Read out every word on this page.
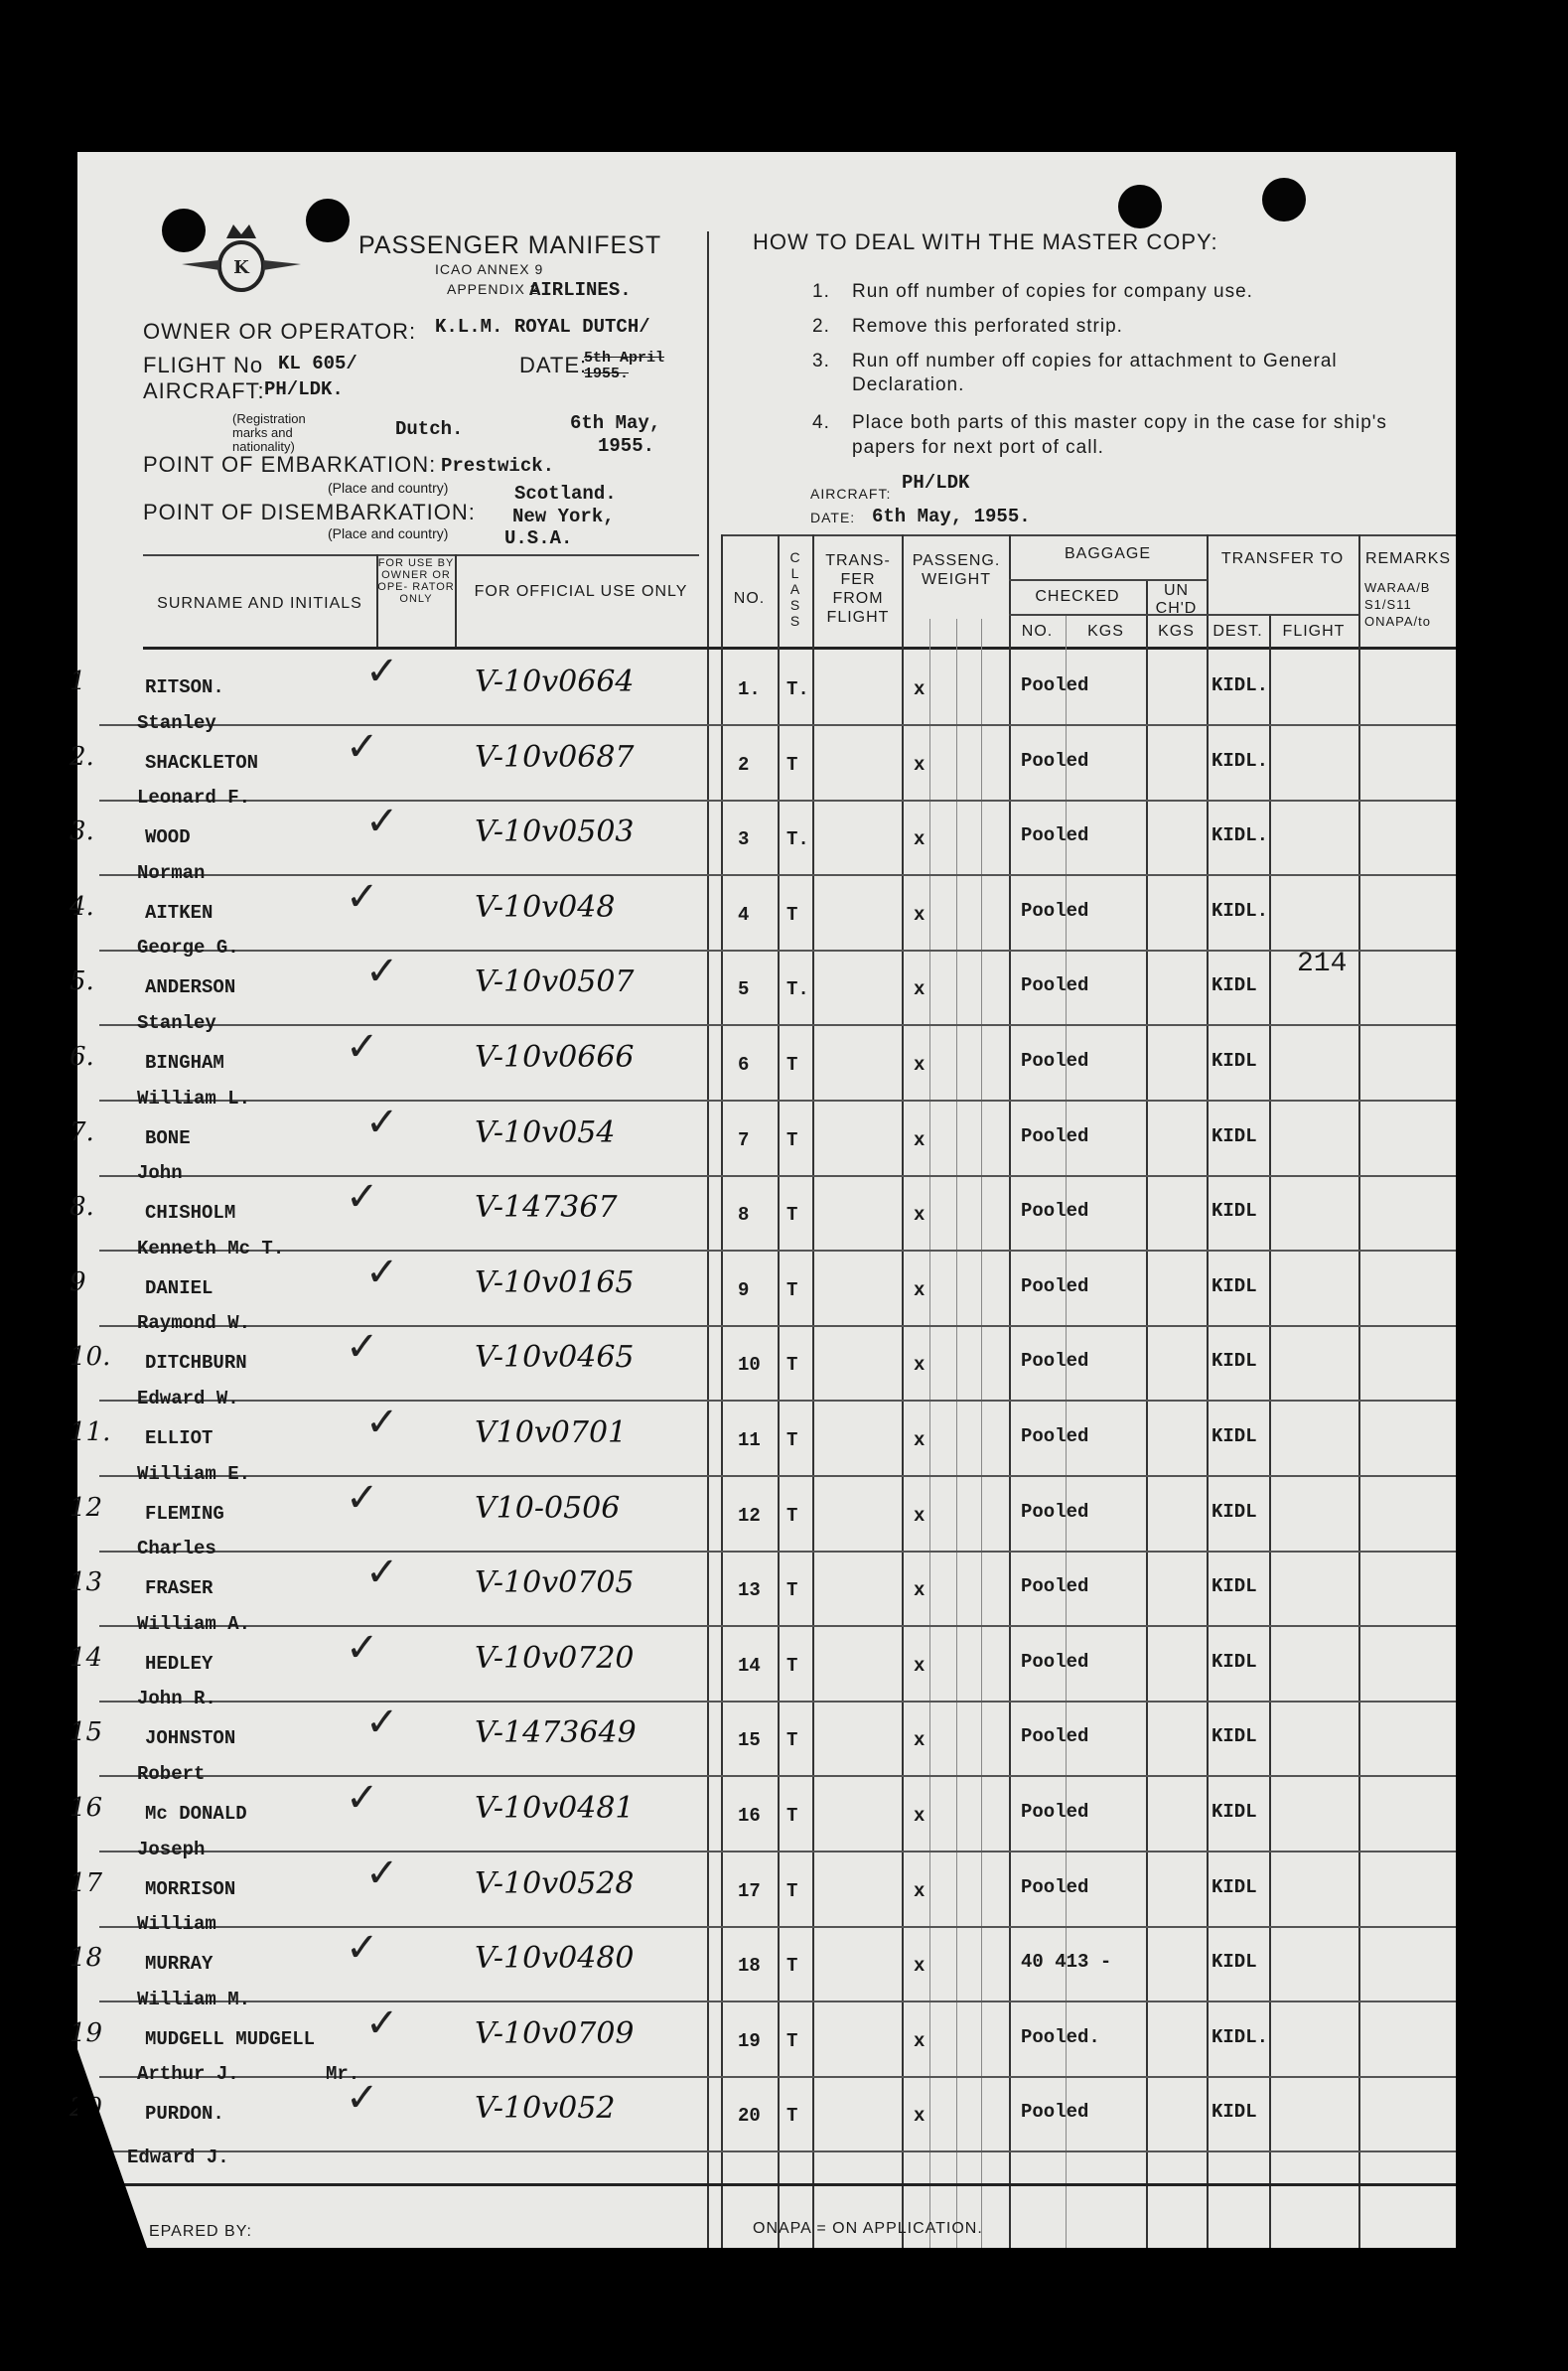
K
PASSENGER MANIFEST
ICAO ANNEX 9
APPENDIX 2
AIRLINES.
OWNER OR OPERATOR: K.L.M. ROYAL DUTCH/
FLIGHT No KL 605/	DATE:
5th April 1955.
AIRCRAFT: PH/LDK.
(Registration marks and nationality)
Dutch.	6th May,
1955.
POINT OF EMBARKATION: Prestwick.
(Place and country)	Scotland.
POINT OF DISEMBARKATION: New York,
(Place and country)	U.S.A.
HOW TO DEAL WITH THE MASTER COPY:
1. Run off number of copies for company use.
2. Remove this perforated strip.
3. Run off number off copies for attachment to General
Declaration.
4. Place both parts of this master copy in the case for ship's
papers for next port of call.
AIRCRAFT: PH/LDK
DATE: 6th May, 1955.
SURNAME AND INITIALS
FOR USE BY OWNER OR OPE- RATOR ONLY	FOR OFFICIAL USE ONLY	NO.
C L A S S
TRANS- FER FROM FLIGHT
PASSENG. WEIGHT
BAGGAGE
CHECKED
NO.	KGS
UN CH'D
KGS
TRANSFER TO
DEST.	FLIGHT
REMARKS
WARAA/B S1/S11 ONAPA/to
1	RITSON.	✓	V-10v0664	1. T.	x	Pooled	KIDL.
Stanley
2.	SHACKLETON ✓	V-10v0687	2 T	x	Pooled	KIDL.
Leonard F.
3.	WOOD	✓	V-10v0503	3 T.	x	Pooled	KIDL.
Norman
4.	AITKEN	✓	V-10v048	4 T	x	Pooled	KIDL.
George G.
5.	ANDERSON	✓	V-10v0507	5 T.	x	Pooled	KIDL
214
Stanley
6.	BINGHAM	✓	V-10v0666	6 T	x	Pooled	KIDL
William L.
7.	BONE	✓	V-10v054	7 T	x	Pooled	KIDL
John
8.	CHISHOLM	✓	V-147367	8 T	x	Pooled	KIDL
Kenneth Mc T.
9	DANIEL	✓	V-10v0165	9 T	x	Pooled	KIDL
Raymond W.
10. DITCHBURN ✓	V-10v0465	10 T	x	Pooled	KIDL
Edward W.
11. ELLIOT	✓	V10v0701	11 T	x	Pooled	KIDL
William E.
12 FLEMING	✓	V10-0506	12 T	x	Pooled	KIDL
Charles
13 FRASER	✓	V-10v0705	13 T	x	Pooled	KIDL
William A.
14 HEDLEY	✓	V-10v0720	14 T	x	Pooled	KIDL
John R.
15 JOHNSTON	✓	V-1473649	15 T	x	Pooled	KIDL
Robert
16 Mc DONALD ✓	V-10v0481	16 T	x	Pooled	KIDL
Joseph
17 MORRISON	✓	V-10v0528	17 T	x	Pooled	KIDL
William
18 MURRAY	✓	V-10v0480	18 T	x	40 413 -	KIDL
William M.
19 MUDGELL MUDGELL ✓	V-10v0709	19 T	x	Pooled.	KIDL.
Arthur J.	Mr.
20 PURDON.	✓	V-10v052	20 T	x	Pooled	KIDL
Edward J.
EPARED BY:	ONAPA = ON APPLICATION.
